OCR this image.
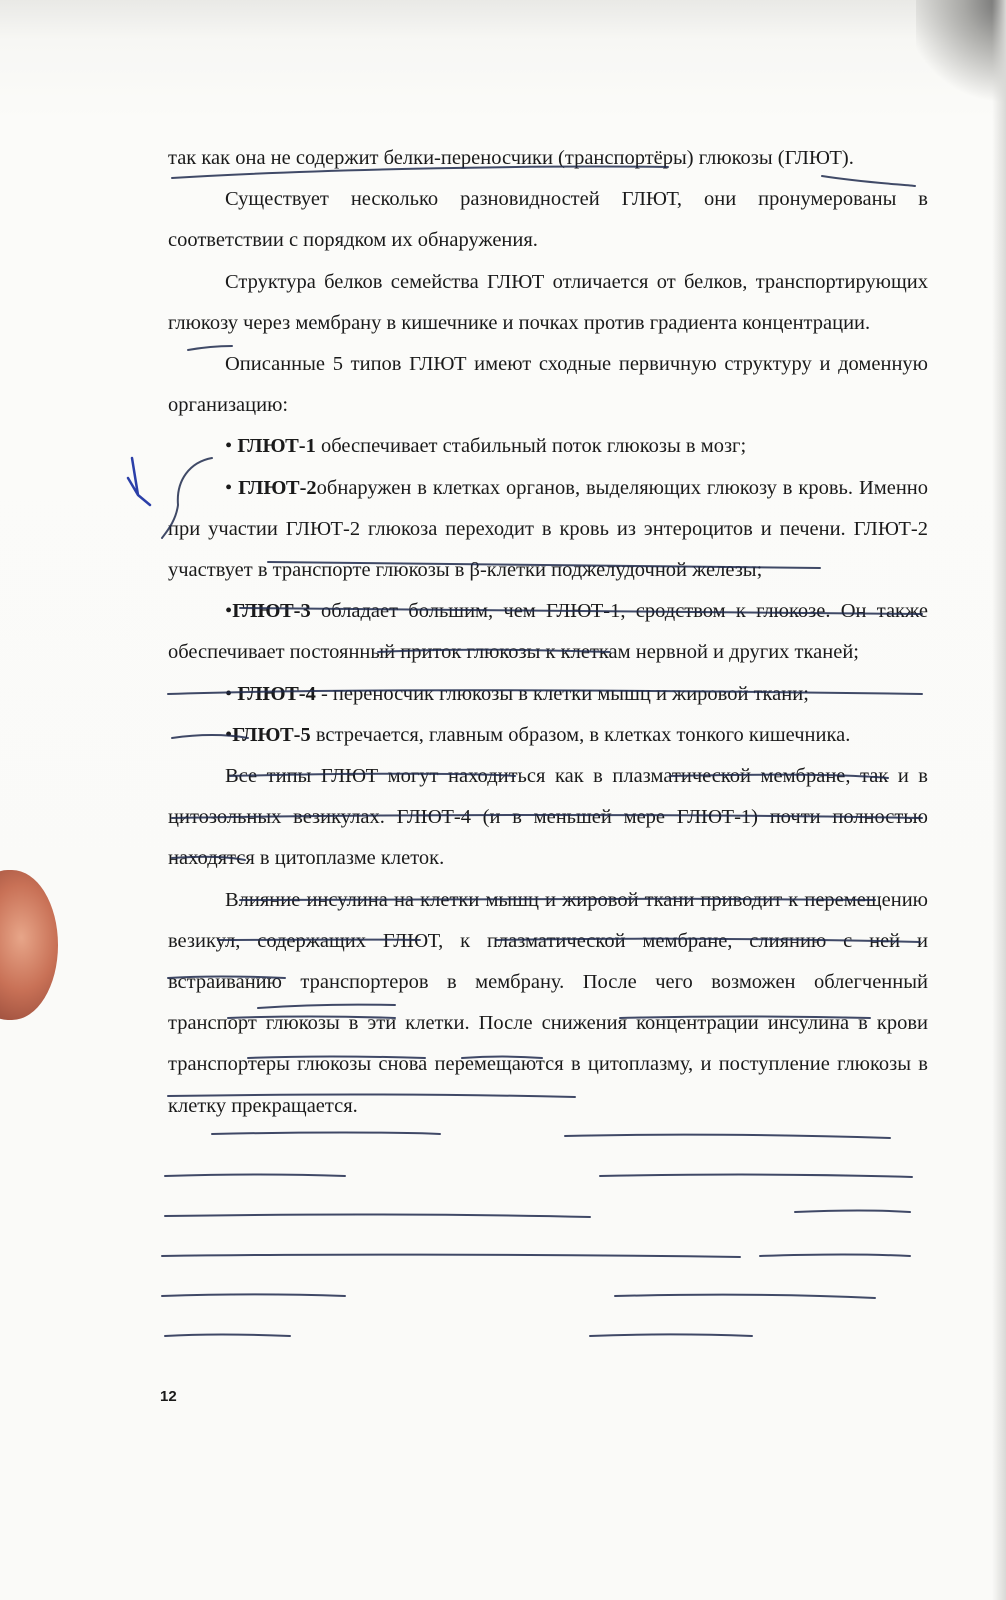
так как она не содержит белки-переносчики (транспортёры) глюкозы (ГЛЮТ).

Существует несколько разновидностей ГЛЮТ, они пронумерованы в соответствии с порядком их обнаружения.

Структура белков семейства ГЛЮТ отличается от белков, транспортирующих глюкозу через мембрану в кишечнике и почках против градиента концентрации.

Описанные 5 типов ГЛЮТ имеют сходные первичную структуру и доменную организацию:

• ГЛЮТ-1 обеспечивает стабильный поток глюкозы в мозг;

• ГЛЮТ-2обнаружен в клетках органов, выделяющих глюкозу в кровь. Именно при участии ГЛЮТ-2 глюкоза переходит в кровь из энтероцитов и печени. ГЛЮТ-2 участвует в транспорте глюкозы в β-клетки поджелудочной железы;

•ГЛЮТ-3 обладает большим, чем ГЛЮТ-1, сродством к глюкозе. Он также обеспечивает постоянный приток глюкозы к клеткам нервной и других тканей;

• ГЛЮТ-4 - переносчик глюкозы в клетки мышц и жировой ткани;

•ГЛЮТ-5 встречается, главным образом, в клетках тонкого кишечника.

Все типы ГЛЮТ могут находиться как в плазматической мембране, так и в цитозольных везикулах. ГЛЮТ-4 (и в меньшей мере ГЛЮТ-1) почти полностью находятся в цитоплазме клеток.

Влияние инсулина на клетки мышц и жировой ткани приводит к перемещению везикул, содержащих ГЛЮТ, к плазматической мембране, слиянию с ней и встраиванию транспортеров в мембрану. После чего возможен облегченный транспорт глюкозы в эти клетки. После снижения концентрации инсулина в крови транспортеры глюкозы снова перемещаются в цитоплазму, и поступление глюкозы в клетку прекращается.

12
